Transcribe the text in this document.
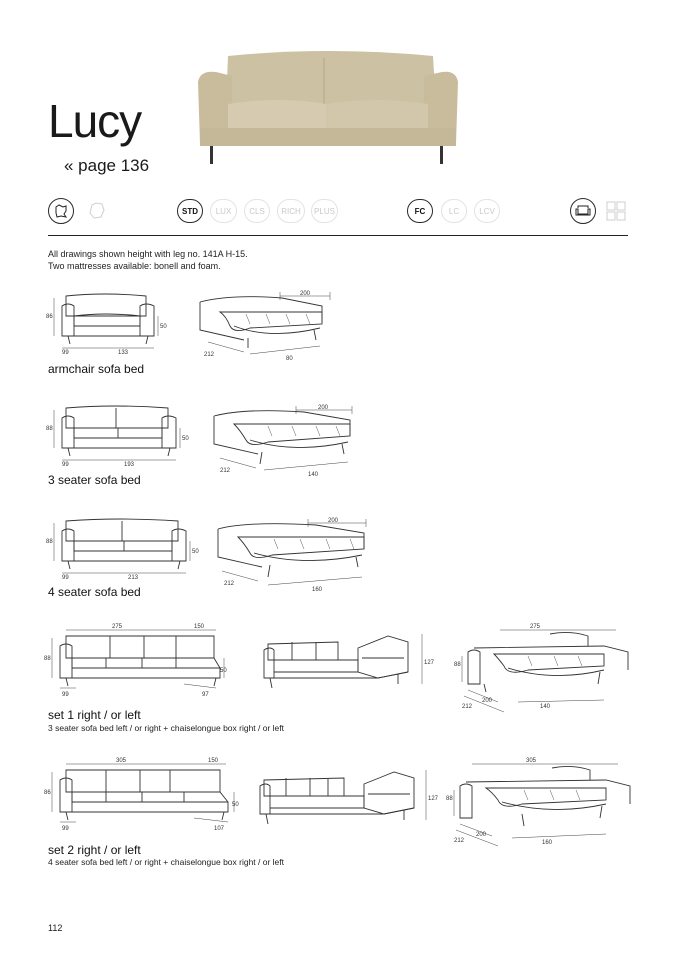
Lucy
« page 136
STD	LUX	CLS	RICH	PLUS	FC	LC	LCV
All drawings shown height with leg no. 141A H-15.
Two mattresses available: bonell and foam.
86
50
99	133
200
212
80
armchair sofa bed
88
50
99	193
200
212
140
3 seater sofa bed
88
50
99	213
200
212
160
4 seater sofa bed
275	150
88
50
99	97
127
275
88
200
212	140
set 1 right / or left
3 seater sofa bed left / or right + chaiselongue box right / or left
305	150
86
50
99	107
127
305
88
200
212	160
set 2 right / or left
4 seater sofa bed left / or right + chaiselongue box right / or left
112
